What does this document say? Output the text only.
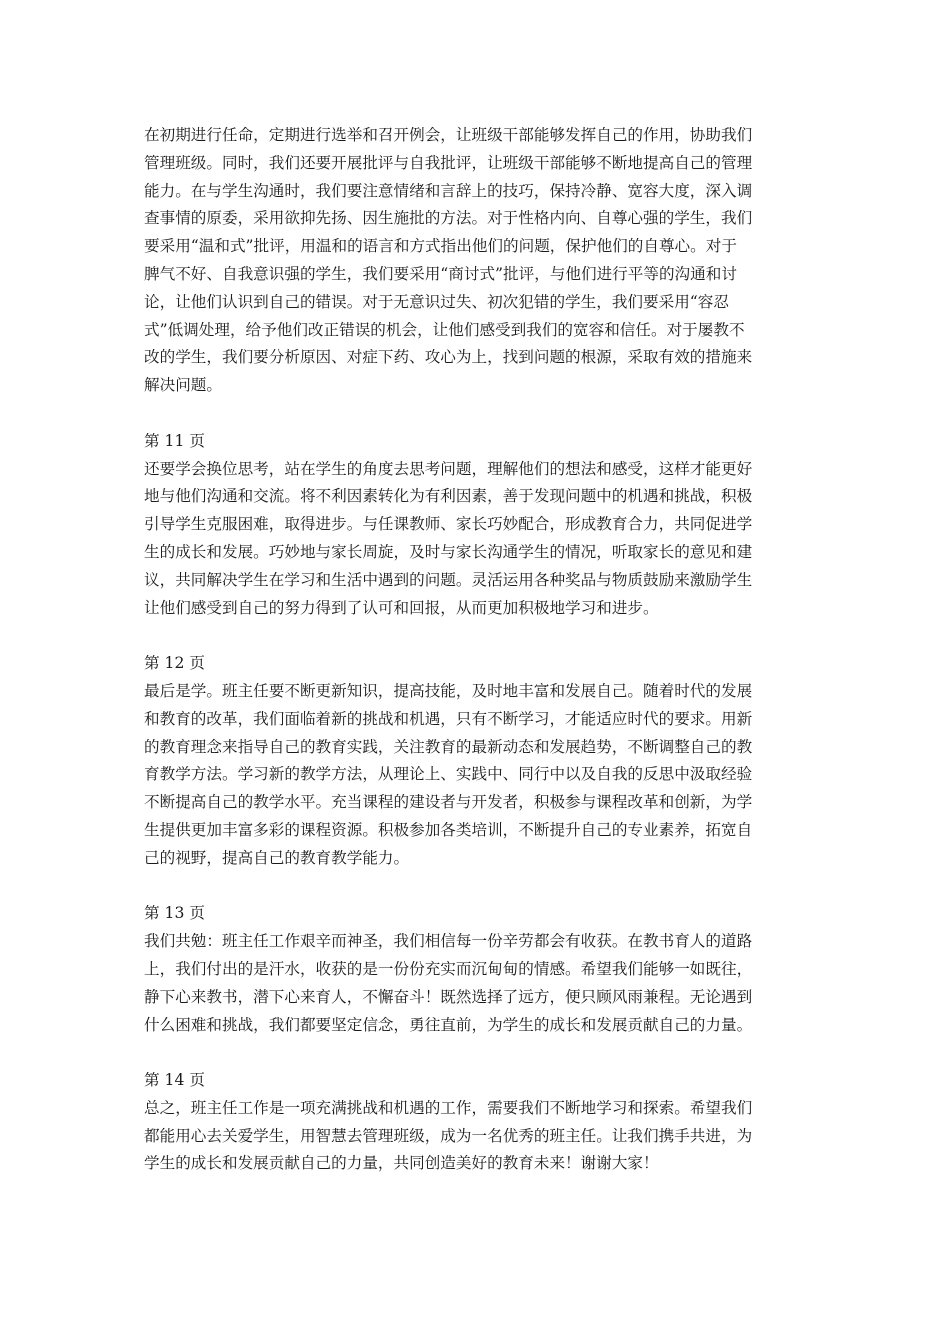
在初期进行任命，定期进行选举和召开例会，让班级干部能够发挥自己的作用，协助我们
管理班级。同时，我们还要开展批评与自我批评，让班级干部能够不断地提高自己的管理
能力。在与学生沟通时，我们要注意情绪和言辞上的技巧，保持冷静、宽容大度，深入调
查事情的原委，采用欲抑先扬、因生施批的方法。对于性格内向、自尊心强的学生，我们
要采用“温和式”批评，用温和的语言和方式指出他们的问题，保护他们的自尊心。对于
脾气不好、自我意识强的学生，我们要采用“商讨式”批评，与他们进行平等的沟通和讨
论，让他们认识到自己的错误。对于无意识过失、初次犯错的学生，我们要采用“容忍
式”低调处理，给予他们改正错误的机会，让他们感受到我们的宽容和信任。对于屡教不
改的学生，我们要分析原因、对症下药、攻心为上，找到问题的根源，采取有效的措施来
解决问题。

第 11 页

还要学会换位思考，站在学生的角度去思考问题，理解他们的想法和感受，这样才能更好
地与他们沟通和交流。将不利因素转化为有利因素，善于发现问题中的机遇和挑战，积极
引导学生克服困难，取得进步。与任课教师、家长巧妙配合，形成教育合力，共同促进学
生的成长和发展。巧妙地与家长周旋，及时与家长沟通学生的情况，听取家长的意见和建
议，共同解决学生在学习和生活中遇到的问题。灵活运用各种奖品与物质鼓励来激励学生
让他们感受到自己的努力得到了认可和回报，从而更加积极地学习和进步。

第 12 页

最后是学。班主任要不断更新知识，提高技能，及时地丰富和发展自己。随着时代的发展
和教育的改革，我们面临着新的挑战和机遇，只有不断学习，才能适应时代的要求。用新
的教育理念来指导自己的教育实践，关注教育的最新动态和发展趋势，不断调整自己的教
育教学方法。学习新的教学方法，从理论上、实践中、同行中以及自我的反思中汲取经验
不断提高自己的教学水平。充当课程的建设者与开发者，积极参与课程改革和创新，为学
生提供更加丰富多彩的课程资源。积极参加各类培训，不断提升自己的专业素养，拓宽自
己的视野，提高自己的教育教学能力。

第 13 页

我们共勉：班主任工作艰辛而神圣，我们相信每一份辛劳都会有收获。在教书育人的道路
上，我们付出的是汗水，收获的是一份份充实而沉甸甸的情感。希望我们能够一如既往，
静下心来教书，潜下心来育人，不懈奋斗！既然选择了远方，便只顾风雨兼程。无论遇到
什么困难和挑战，我们都要坚定信念，勇往直前，为学生的成长和发展贡献自己的力量。

第 14 页

总之，班主任工作是一项充满挑战和机遇的工作，需要我们不断地学习和探索。希望我们
都能用心去关爱学生，用智慧去管理班级，成为一名优秀的班主任。让我们携手共进，为
学生的成长和发展贡献自己的力量，共同创造美好的教育未来！谢谢大家！
